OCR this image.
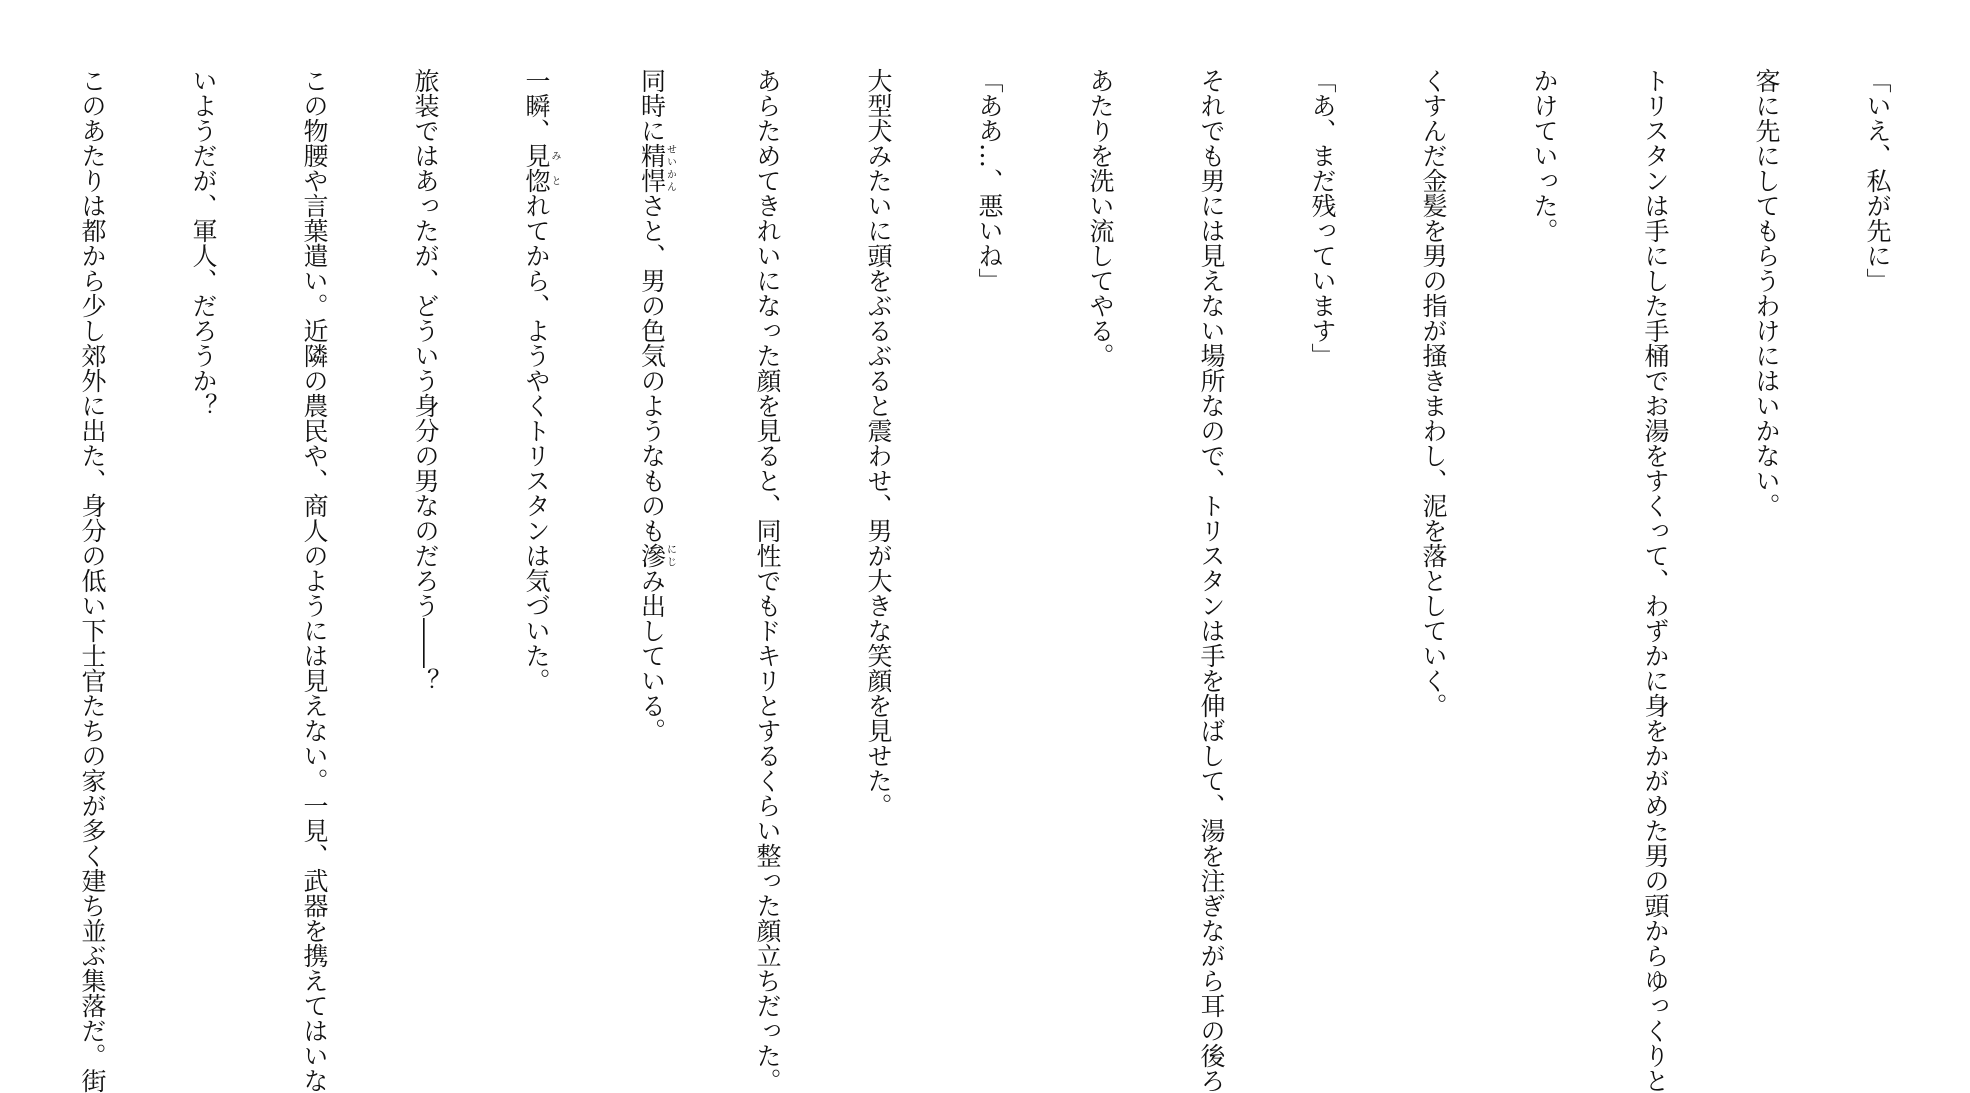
「いえ、私が先に」

客に先にしてもらうわけにはいかない。

トリスタンは手にした手桶でお湯をすくって、わずかに身をかがめた男の頭からゆっくりと

かけていった。

くすんだ金髪を男の指が掻きまわし、泥を落としていく。

「あ、まだ残っています」

それでも男には見えない場所なので、トリスタンは手を伸ばして、湯を注ぎながら耳の後ろ

あたりを洗い流してやる。

「ああ…、悪いね」

大型犬みたいに頭をぶるぶると震わせ、男が大きな笑顔を見せた。

あらためてきれいになった顔を見ると、同性でもドキリとするくらい整った顔立ちだった。

同時に精悍せいかんさと、男の色気のようなものも滲にじみ出している。

一瞬、見惚みとれてから、ようやくトリスタンは気づいた。

旅装ではあったが、どういう身分の男なのだろう――？

この物腰や言葉遣い。近隣の農民や、商人のようには見えない。一見、武器を携えてはいな

いようだが、軍人、だろうか？

このあたりは都から少し郊外に出た、身分の低い下士官たちの家が多く建ち並ぶ集落だ。街
